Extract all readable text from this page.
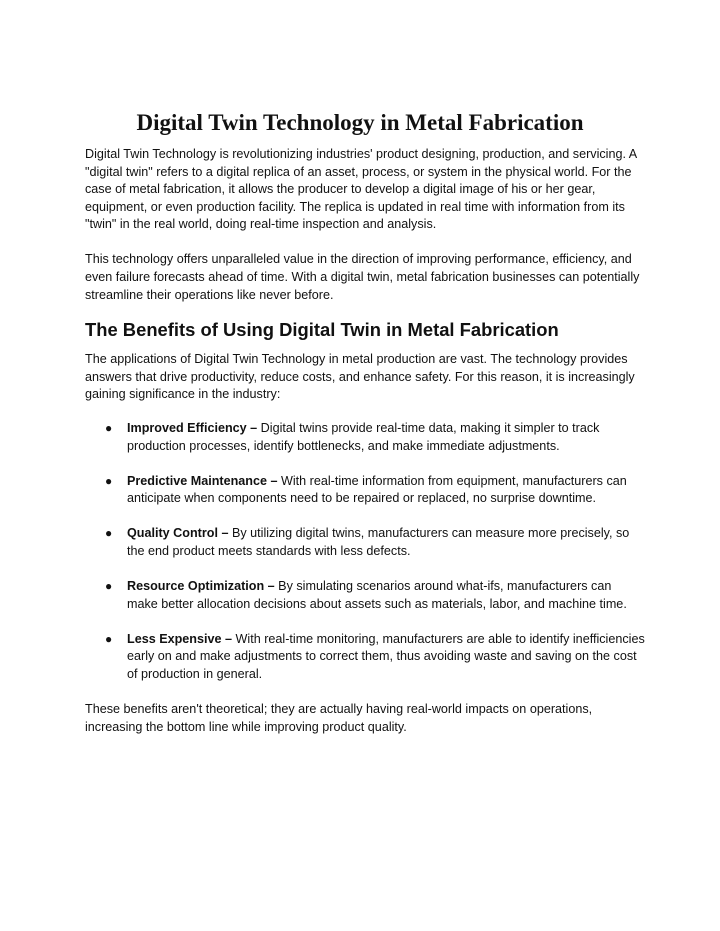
Digital Twin Technology in Metal Fabrication

Digital Twin Technology is revolutionizing industries' product designing, production, and servicing. A "digital twin" refers to a digital replica of an asset, process, or system in the physical world. For the case of metal fabrication, it allows the producer to develop a digital image of his or her gear, equipment, or even production facility. The replica is updated in real time with information from its "twin" in the real world, doing real-time inspection and analysis.

This technology offers unparalleled value in the direction of improving performance, efficiency, and even failure forecasts ahead of time. With a digital twin, metal fabrication businesses can potentially streamline their operations like never before.

The Benefits of Using Digital Twin in Metal Fabrication

The applications of Digital Twin Technology in metal production are vast. The technology provides answers that drive productivity, reduce costs, and enhance safety. For this reason, it is increasingly gaining significance in the industry:

● Improved Efficiency – Digital twins provide real-time data, making it simpler to track production processes, identify bottlenecks, and make immediate adjustments.
● Predictive Maintenance – With real-time information from equipment, manufacturers can anticipate when components need to be repaired or replaced, no surprise downtime.
● Quality Control – By utilizing digital twins, manufacturers can measure more precisely, so the end product meets standards with less defects.
● Resource Optimization – By simulating scenarios around what-ifs, manufacturers can make better allocation decisions about assets such as materials, labor, and machine time.
● Less Expensive – With real-time monitoring, manufacturers are able to identify inefficiencies early on and make adjustments to correct them, thus avoiding waste and saving on the cost of production in general.

These benefits aren't theoretical; they are actually having real-world impacts on operations, increasing the bottom line while improving product quality.
